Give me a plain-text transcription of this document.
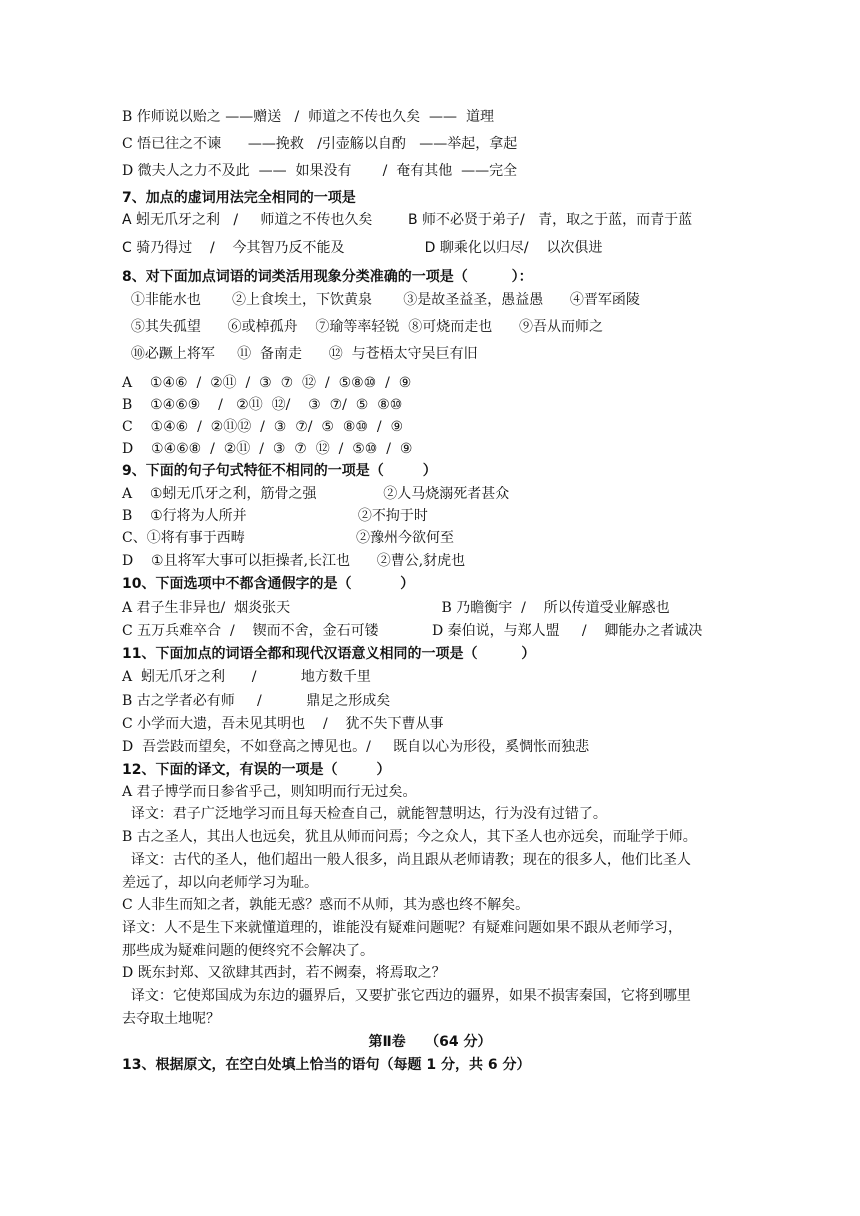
B 作师说以贻之 ——赠送   /  师道之不传也久矣  ——  道理
C 悟已往之不谏      ——挽救   /引壶觞以自酌   ——举起，拿起
D 微夫人之力不及此  ——  如果没有       /  奄有其他  ——完全
7、加点的虚词用法完全相同的一项是
A 蚓无爪牙之利   /     师道之不传也久矣        B 师不必贤于弟子/   青，取之于蓝，而青于蓝
C 骑乃得过    /    今其智乃反不能及                  D 聊乘化以归尽/    以次俱进
8、对下面加点词语的词类活用现象分类准确的一项是（         ）：
①非能水也       ②上食埃土，下饮黄泉       ③是故圣益圣，愚益愚      ④晋军函陵
⑤其失孤望      ⑥或棹孤舟    ⑦瑜等率轻锐  ⑧可烧而走也      ⑨吾从而师之
⑩必蹶上将军     ⑪  备南走      ⑫  与苍梧太守吴巨有旧
A    ①④⑥  /  ②⑪  /  ③  ⑦  ⑫  /  ⑤⑧⑩  /  ⑨
B    ①④⑥⑨    /   ②⑪  ⑫/    ③  ⑦/  ⑤  ⑧⑩
C    ①④⑥  /  ②⑪⑫  /  ③  ⑦/  ⑤  ⑧⑩  /  ⑨
D    ①④⑥⑧  /  ②⑪  /  ③  ⑦  ⑫  /  ⑤⑩  /  ⑨
9、下面的句子句式特征不相同的一项是（        ）
A    ①蚓无爪牙之利，筋骨之强               ②人马烧溺死者甚众
B    ①行将为人所并                         ②不拘于时
C、①将有事于西畴                         ②豫州今欲何至
D    ①且将军大事可以拒操者,长江也      ②曹公,豺虎也
10、下面选项中不都含通假字的是（          ）
A 君子生非异也/  烟炎张天                                  B 乃瞻衡宇  /    所以传道受业解惑也
C 五万兵难卒合  /    锲而不舍，金石可镂            D 秦伯说，与郑人盟     /    卿能办之者诚决
11、下面加点的词语全都和现代汉语意义相同的一项是（         ）
A  蚓无爪牙之利      /          地方数千里
B 古之学者必有师     /          鼎足之形成矣
C 小学而大遗，吾未见其明也    /    犹不失下曹从事
D  吾尝跂而望矣，不如登高之博见也。/     既自以心为形役，奚惆怅而独悲
12、下面的译文，有误的一项是（        ）
A 君子博学而日参省乎己，则知明而行无过矣。
译文：君子广泛地学习而且每天检查自己，就能智慧明达，行为没有过错了。
B 古之圣人，其出人也远矣，犹且从师而问焉；今之众人，其下圣人也亦远矣，而耻学于师。
译文：古代的圣人，他们超出一般人很多，尚且跟从老师请教；现在的很多人，他们比圣人
差远了，却以向老师学习为耻。
C 人非生而知之者，孰能无惑？惑而不从师，其为惑也终不解矣。
译文：人不是生下来就懂道理的，谁能没有疑难问题呢？有疑难问题如果不跟从老师学习，
那些成为疑难问题的便终究不会解决了。
D 既东封郑、又欲肆其西封，若不阙秦，将焉取之？
译文：它使郑国成为东边的疆界后，又要扩张它西边的疆界，如果不损害秦国，它将到哪里
去夺取土地呢？
第Ⅱ卷    （64 分）
13、根据原文，在空白处填上恰当的语句（每题 1 分，共 6 分）
